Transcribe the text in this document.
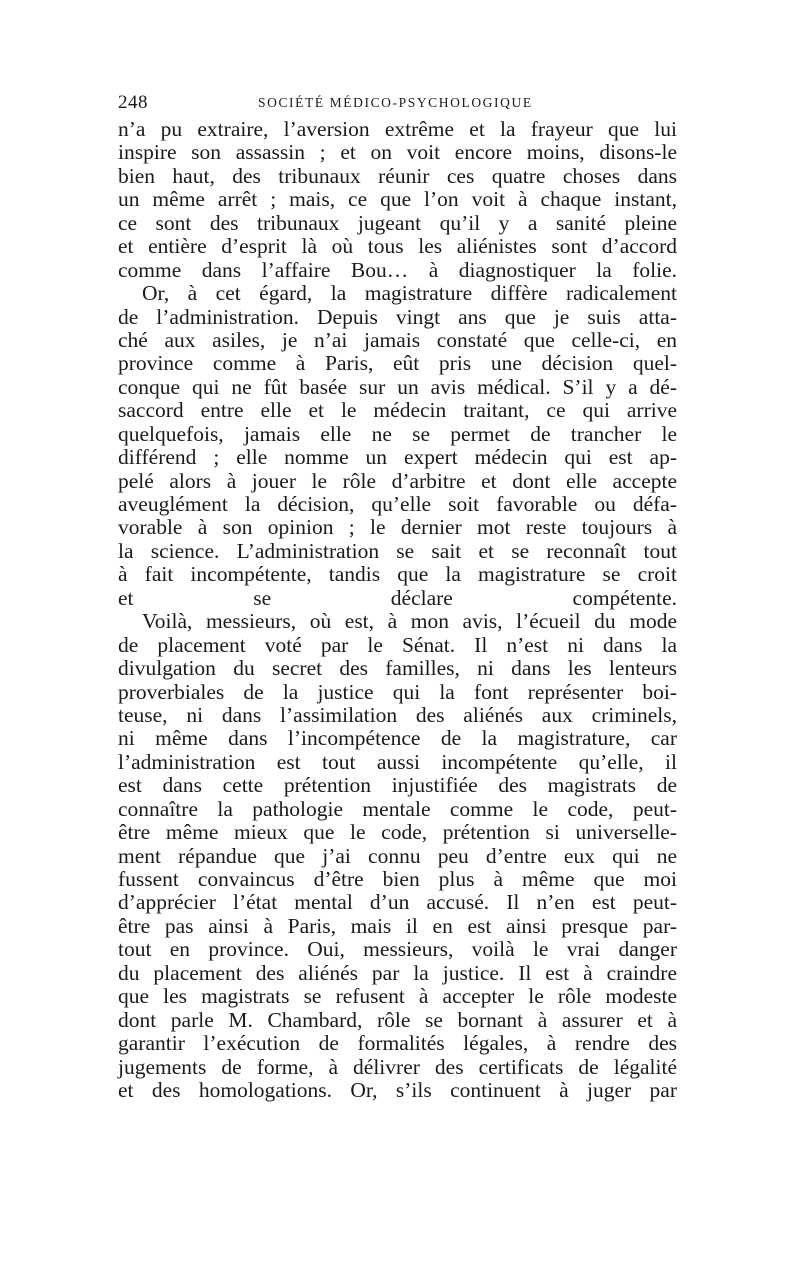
248	SOCIÉTÉ MÉDICO-PSYCHOLOGIQUE
n’a pu extraire, l’aversion extrême et la frayeur que lui
inspire son assassin ; et on voit encore moins, disons-le
bien haut, des tribunaux réunir ces quatre choses dans
un même arrêt ; mais, ce que l’on voit à chaque instant,
ce sont des tribunaux jugeant qu’il y a sanité pleine
et entière d’esprit là où tous les aliénistes sont d’accord
comme dans l’affaire Bou… à diagnostiquer la folie.
Or, à cet égard, la magistrature diffère radicalement
de l’administration. Depuis vingt ans que je suis atta-
ché aux asiles, je n’ai jamais constaté que celle-ci, en
province comme à Paris, eût pris une décision quel-
conque qui ne fût basée sur un avis médical. S’il y a dé-
saccord entre elle et le médecin traitant, ce qui arrive
quelquefois, jamais elle ne se permet de trancher le
différend ; elle nomme un expert médecin qui est ap-
pelé alors à jouer le rôle d’arbitre et dont elle accepte
aveuglément la décision, qu’elle soit favorable ou défa-
vorable à son opinion ; le dernier mot reste toujours à
la science. L’administration se sait et se reconnaît tout
à fait incompétente, tandis que la magistrature se croit
et se déclare compétente.
Voilà, messieurs, où est, à mon avis, l’écueil du mode
de placement voté par le Sénat. Il n’est ni dans la
divulgation du secret des familles, ni dans les lenteurs
proverbiales de la justice qui la font représenter boi-
teuse, ni dans l’assimilation des aliénés aux criminels,
ni même dans l’incompétence de la magistrature, car
l’administration est tout aussi incompétente qu’elle, il
est dans cette prétention injustifiée des magistrats de
connaître la pathologie mentale comme le code, peut-
être même mieux que le code, prétention si universelle-
ment répandue que j’ai connu peu d’entre eux qui ne
fussent convaincus d’être bien plus à même que moi
d’apprécier l’état mental d’un accusé. Il n’en est peut-
être pas ainsi à Paris, mais il en est ainsi presque par-
tout en province. Oui, messieurs, voilà le vrai danger
du placement des aliénés par la justice. Il est à craindre
que les magistrats se refusent à accepter le rôle modeste
dont parle M. Chambard, rôle se bornant à assurer et à
garantir l’exécution de formalités légales, à rendre des
jugements de forme, à délivrer des certificats de légalité
et des homologations. Or, s’ils continuent à juger par
